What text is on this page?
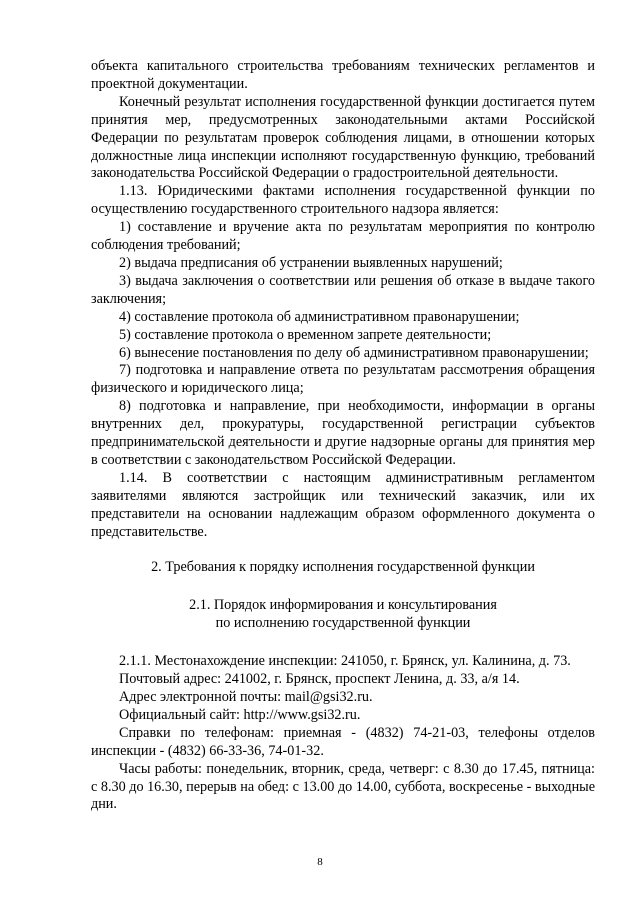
объекта капитального строительства требованиям технических регламентов и проектной документации.

Конечный результат исполнения государственной функции достигается путем принятия мер, предусмотренных законодательными актами Российской Федерации по результатам проверок соблюдения лицами, в отношении которых должностные лица инспекции исполняют государственную функцию, требований законодательства Российской Федерации о градостроительной деятельности.

1.13. Юридическими фактами исполнения государственной функции по осуществлению государственного строительного надзора является:

1) составление и вручение акта по результатам мероприятия по контролю соблюдения требований;

2) выдача предписания об устранении выявленных нарушений;

3) выдача заключения о соответствии или решения об отказе в выдаче такого заключения;

4) составление протокола об административном правонарушении;

5) составление протокола о временном запрете деятельности;

6) вынесение постановления по делу об административном правонарушении;

7) подготовка и направление ответа по результатам рассмотрения обращения физического и юридического лица;

8) подготовка и направление, при необходимости, информации в органы внутренних дел, прокуратуры, государственной регистрации субъектов предпринимательской деятельности и другие надзорные органы для принятия мер в соответствии с законодательством Российской Федерации.

1.14. В соответствии с настоящим административным регламентом заявителями являются застройщик или технический заказчик, или их представители на основании надлежащим образом оформленного документа о представительстве.

2. Требования к порядку исполнения государственной функции

2.1. Порядок информирования и консультирования

по исполнению государственной функции

2.1.1. Местонахождение инспекции: 241050, г. Брянск, ул. Калинина, д. 73.

Почтовый адрес: 241002, г. Брянск, проспект Ленина, д. 33, а/я 14.

Адрес электронной почты: mail@gsi32.ru.

Официальный сайт: http://www.gsi32.ru.

Справки по телефонам: приемная - (4832) 74-21-03, телефоны отделов инспекции - (4832) 66-33-36, 74-01-32.

Часы работы: понедельник, вторник, среда, четверг: с 8.30 до 17.45, пятница: с 8.30 до 16.30, перерыв на обед: с 13.00 до 14.00, суббота, воскресенье - выходные дни.

8
